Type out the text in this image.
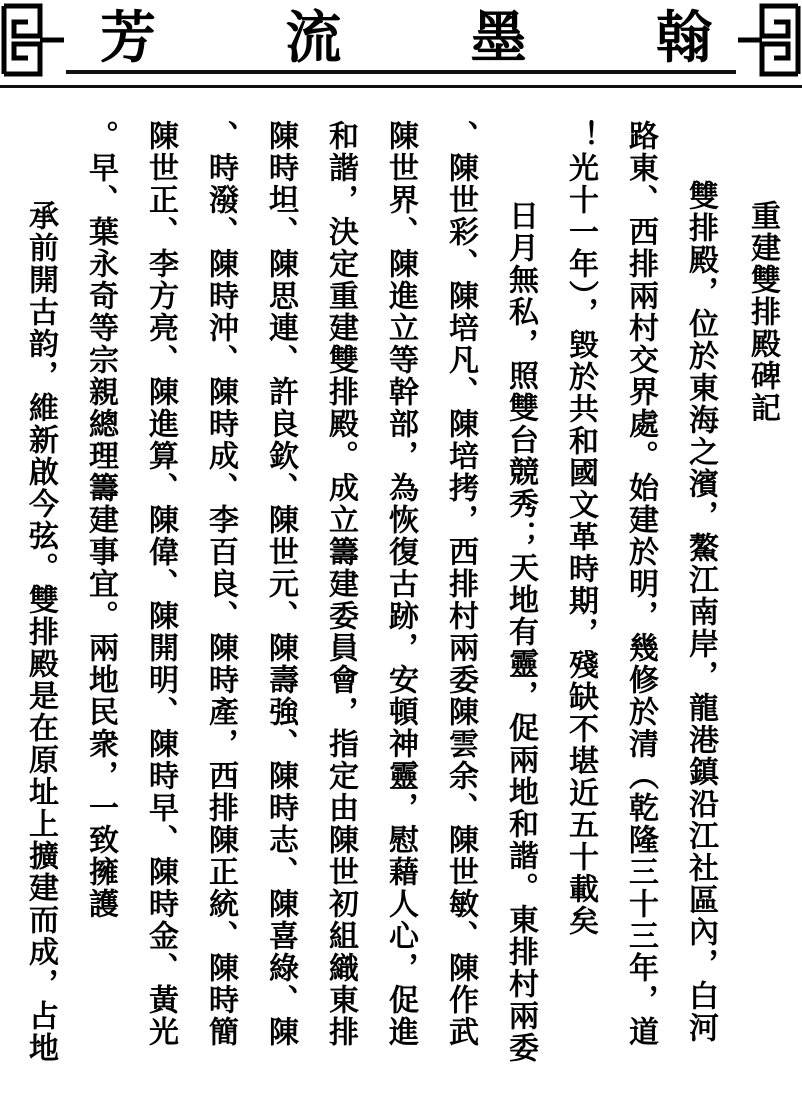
芳 流 墨 翰
重建雙排殿碑記
雙排殿，位於東海之濱，鰲江南岸，龍港鎮沿江社區內，白河
路東、西排兩村交界處。始建於明，幾修於清（乾隆三十三年，道
光十一年），毀於共和國文革時期，殘缺不堪近五十載矣！
日月無私，照雙台競秀；天地有靈，促兩地和諧。東排村兩委
陳世彩、陳培凡、陳培拷，西排村兩委陳雲余、陳世敏、陳作武、
陳世界、陳進立等幹部，為恢復古跡，安頓神靈，慰藉人心，促進
和諧，決定重建雙排殿。成立籌建委員會，指定由陳世初組織東排
陳時坦、陳思連、許良欽、陳世元、陳壽強、陳時志、陳喜綠、陳
時潑、陳時沖、陳時成、李百良、陳時產，西排陳正統、陳時簡、
陳世正、李方亮、陳進算、陳偉、陳開明、陳時早、陳時金、黃光
早、葉永奇等宗親總理籌建事宜。兩地民衆，一致擁護。
承前開古韵，維新啟今弦。雙排殿是在原址上擴建而成，占地
